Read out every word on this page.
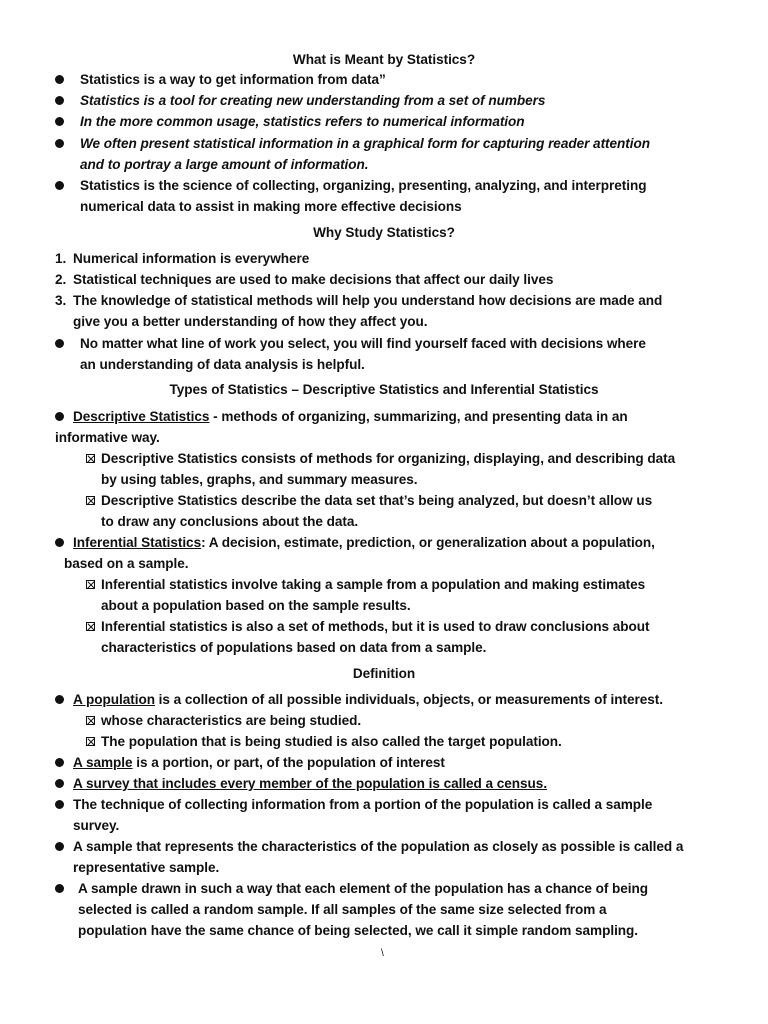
What is Meant by Statistics?
Statistics is a way to get information from data”
Statistics is a tool for creating new understanding from a set of numbers
In the more common usage, statistics refers to numerical information
We often present statistical information in a graphical form for capturing reader attention
and to portray a large amount of information.
Statistics is the science of collecting, organizing, presenting, analyzing, and interpreting
numerical data to assist in making more effective decisions
Why Study Statistics?
1. Numerical information is everywhere
2. Statistical techniques are used to make decisions that affect our daily lives
3. The knowledge of statistical methods will help you understand how decisions are made and
give you a better understanding of how they affect you.
No matter what line of work you select, you will find yourself faced with decisions where
an understanding of data analysis is helpful.
Types of Statistics – Descriptive Statistics and Inferential Statistics
Descriptive Statistics - methods of organizing, summarizing, and presenting data in an
informative way.
Descriptive Statistics consists of methods for organizing, displaying, and describing data
by using tables, graphs, and summary measures.
Descriptive Statistics describe the data set that’s being analyzed, but doesn’t allow us
to draw any conclusions about the data.
Inferential Statistics: A decision, estimate, prediction, or generalization about a population,
based on a sample.
Inferential statistics involve taking a sample from a population and making estimates
about a population based on the sample results.
Inferential statistics is also a set of methods, but it is used to draw conclusions about
characteristics of populations based on data from a sample.
Definition
A population is a collection of all possible individuals, objects, or measurements of interest.
whose characteristics are being studied.
The population that is being studied is also called the target population.
A sample is a portion, or part, of the population of interest
A survey that includes every member of the population is called a census.
The technique of collecting information from a portion of the population is called a sample
survey.
A sample that represents the characteristics of the population as closely as possible is called a
representative sample.
A sample drawn in such a way that each element of the population has a chance of being
selected is called a random sample. If all samples of the same size selected from a
population have the same chance of being selected, we call it simple random sampling.
\
